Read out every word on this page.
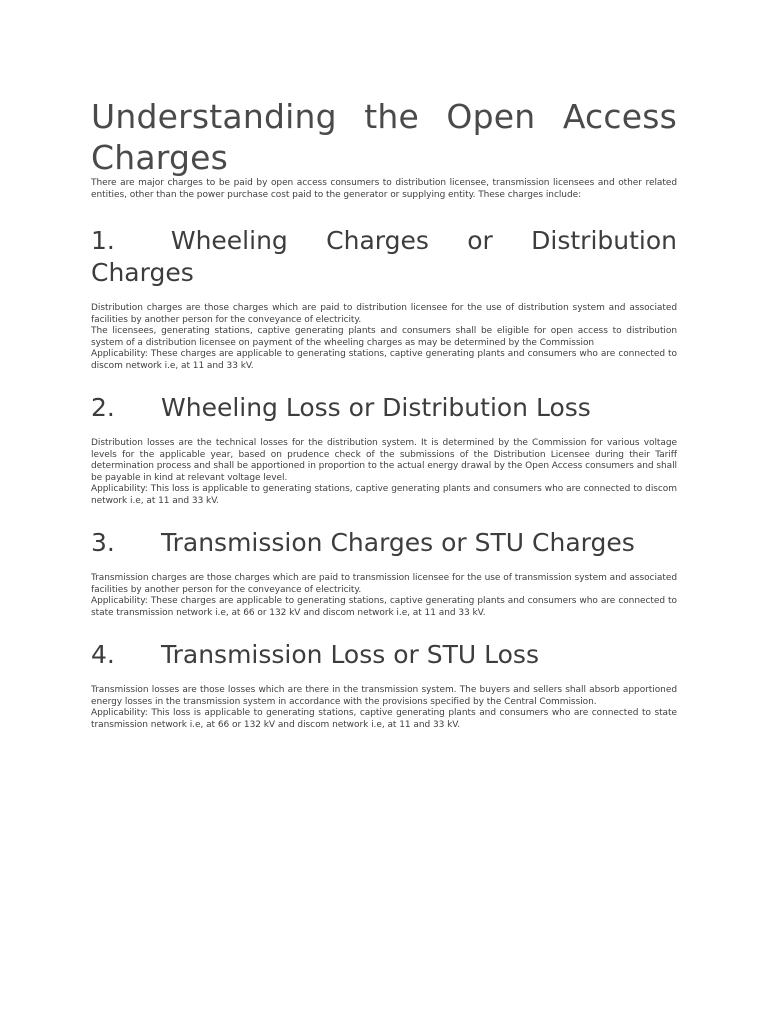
Understanding the Open Access Charges

There are major charges to be paid by open access consumers to distribution licensee, transmission licensees and other related entities, other than the power purchase cost paid to the generator or supplying entity. These charges include:

1. Wheeling Charges or Distribution Charges

Distribution charges are those charges which are paid to distribution licensee for the use of distribution system and associated facilities by another person for the conveyance of electricity.

The licensees, generating stations, captive generating plants and consumers shall be eligible for open access to distribution system of a distribution licensee on payment of the wheeling charges as may be determined by the Commission

Applicability: These charges are applicable to generating stations, captive generating plants and consumers who are connected to discom network i.e, at 11 and 33 kV.

2.	Wheeling Loss or Distribution Loss

Distribution losses are the technical losses for the distribution system. It is determined by the Commission for various voltage levels for the applicable year, based on prudence check of the submissions of the Distribution Licensee during their Tariff determination process and shall be apportioned in proportion to the actual energy drawal by the Open Access consumers and shall be payable in kind at relevant voltage level.

Applicability: This loss is applicable to generating stations, captive generating plants and consumers who are connected to discom network i.e, at 11 and 33 kV.

3.	Transmission Charges or STU Charges

Transmission charges are those charges which are paid to transmission licensee for the use of transmission system and associated facilities by another person for the conveyance of electricity.

Applicability: These charges are applicable to generating stations, captive generating plants and consumers who are connected to state transmission network i.e, at 66 or 132 kV and discom network i.e, at 11 and 33 kV.

4.	Transmission Loss or STU Loss

Transmission losses are those losses which are there in the transmission system. The buyers and sellers shall absorb apportioned energy losses in the transmission system in accordance with the provisions specified by the Central Commission.

Applicability: This loss is applicable to generating stations, captive generating plants and consumers who are connected to state transmission network i.e, at 66 or 132 kV and discom network i.e, at 11 and 33 kV.
